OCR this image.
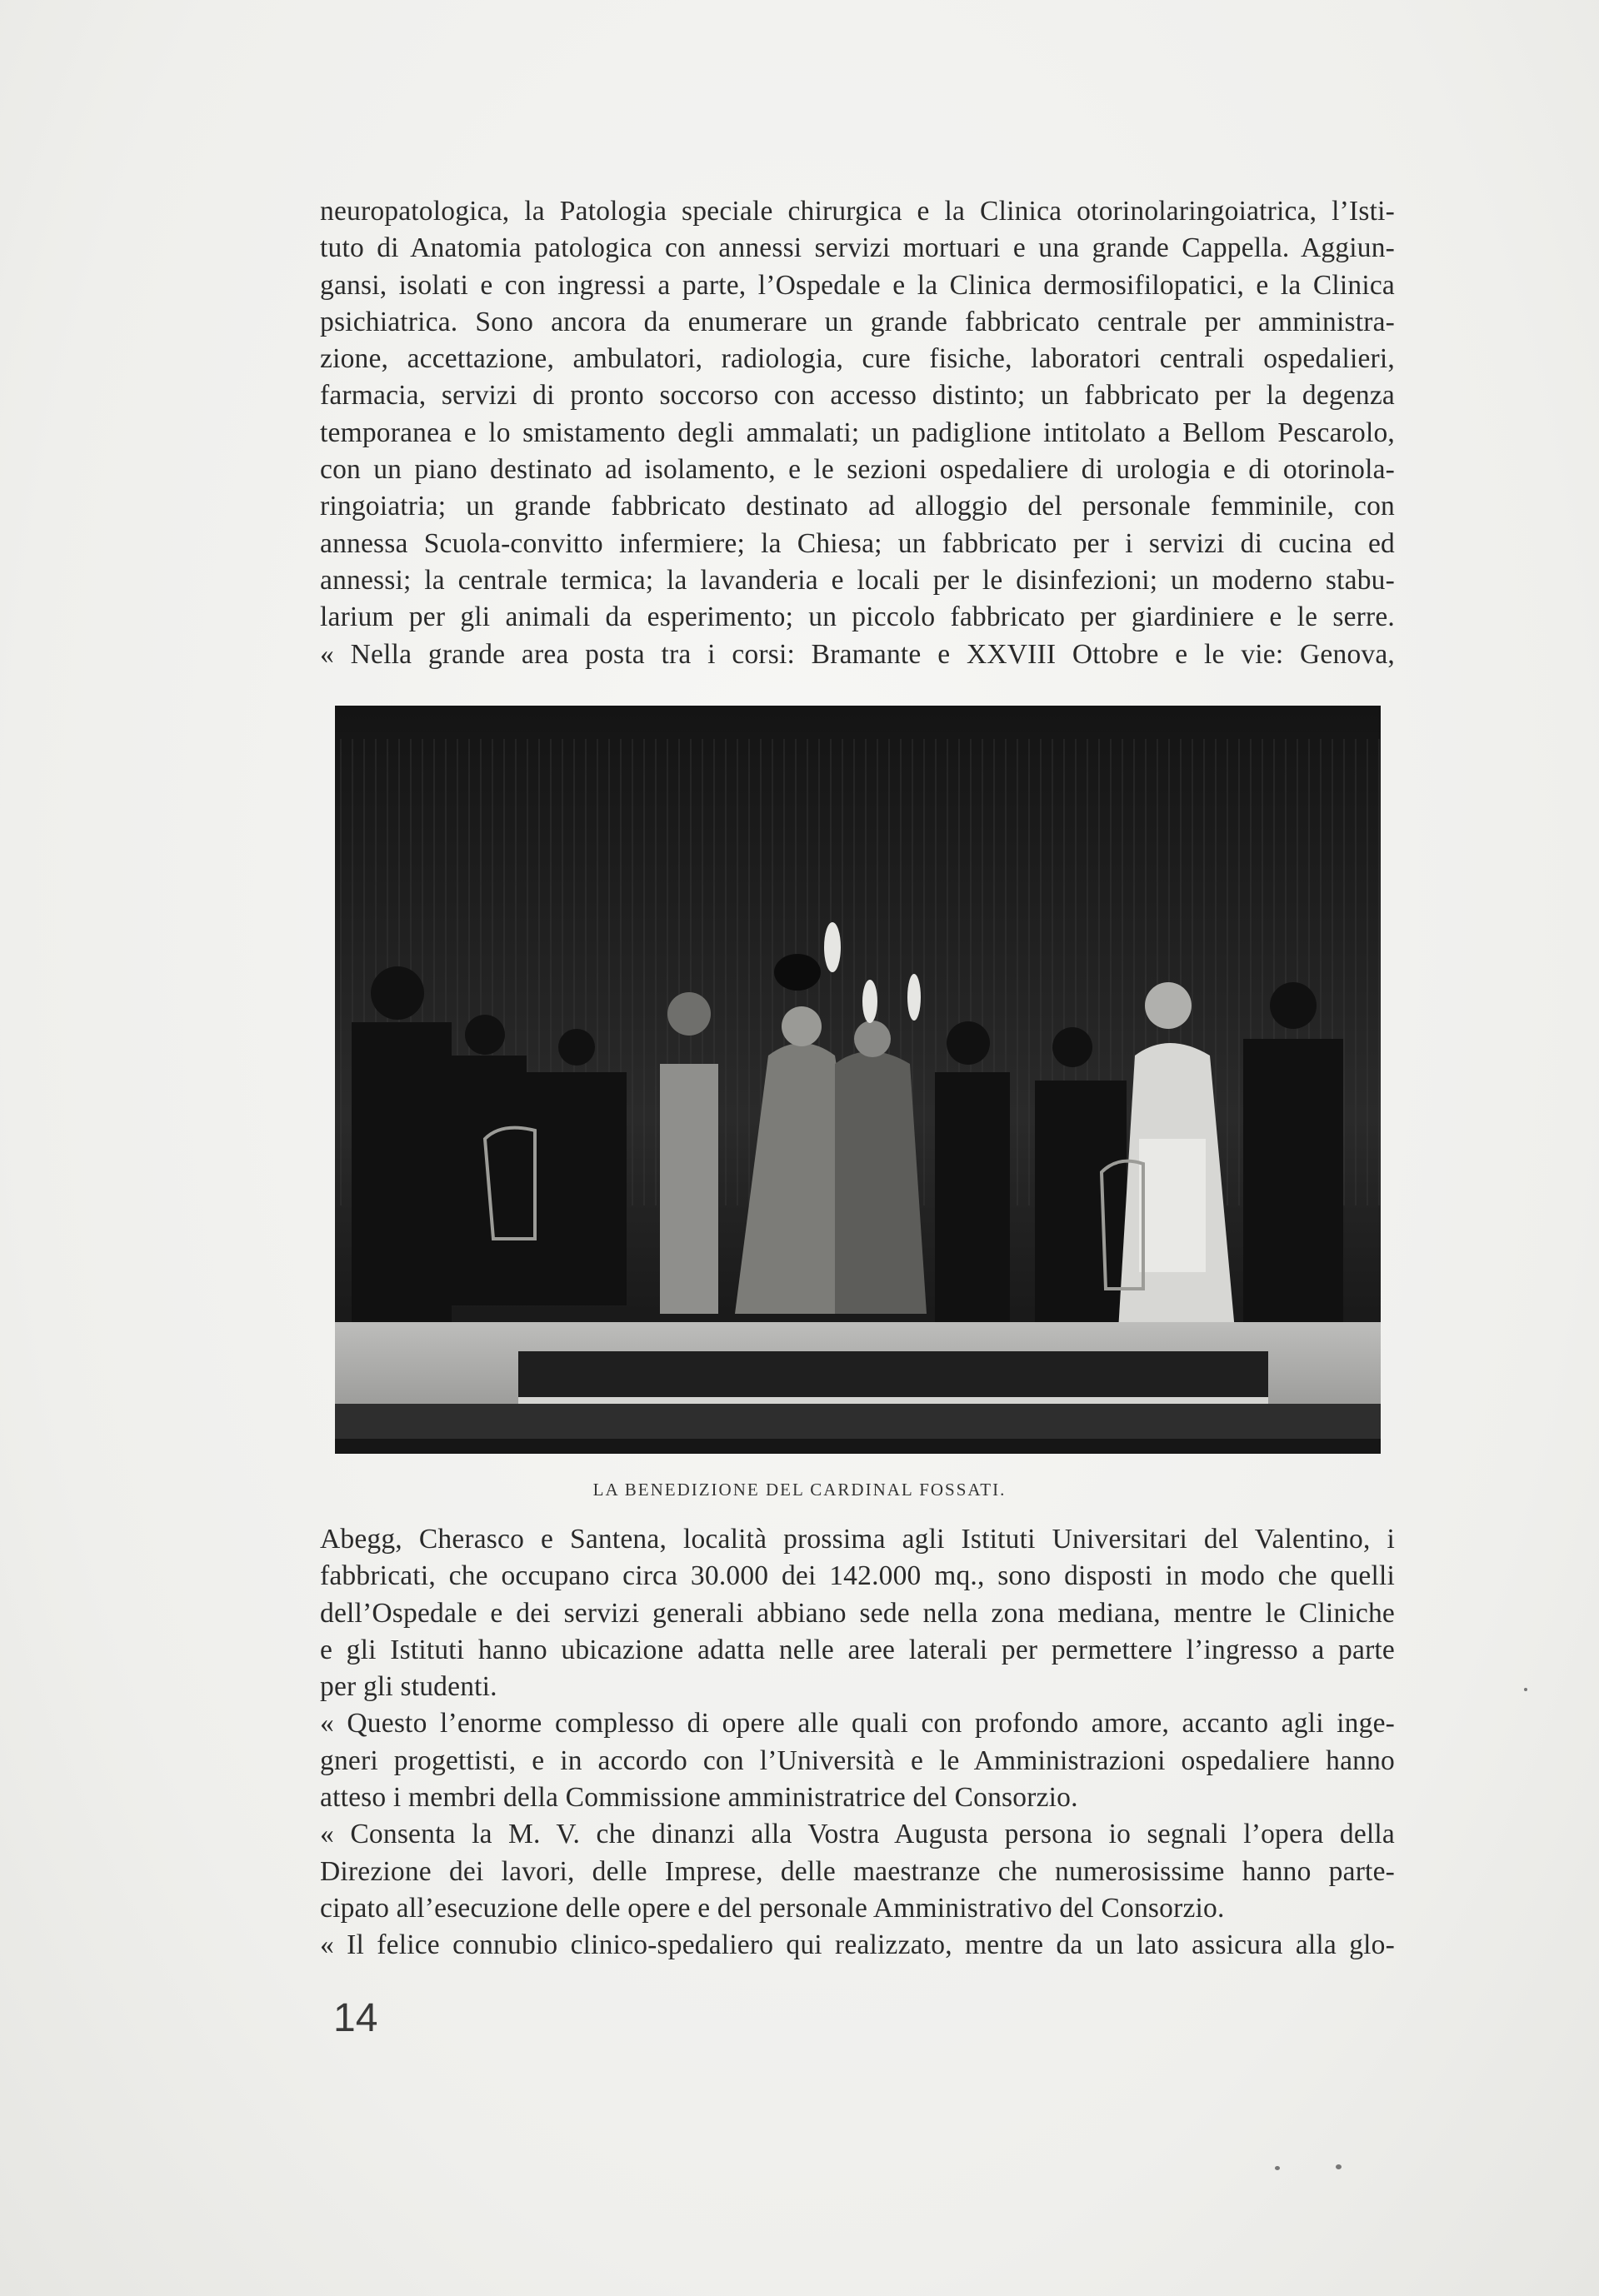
neuropatologica, la Patologia speciale chirurgica e la Clinica otorinolaringoiatrica, l’Isti-
tuto di Anatomia patologica con annessi servizi mortuari e una grande Cappella. Aggiun-
gansi, isolati e con ingressi a parte, l’Ospedale e la Clinica dermosifilopatici, e la Clinica
psichiatrica. Sono ancora da enumerare un grande fabbricato centrale per amministra-
zione, accettazione, ambulatori, radiologia, cure fisiche, laboratori centrali ospedalieri,
farmacia, servizi di pronto soccorso con accesso distinto; un fabbricato per la degenza
temporanea e lo smistamento degli ammalati; un padiglione intitolato a Bellom Pescarolo,
con un piano destinato ad isolamento, e le sezioni ospedaliere di urologia e di otorinola-
ringoiatria; un grande fabbricato destinato ad alloggio del personale femminile, con
annessa Scuola-convitto infermiere; la Chiesa; un fabbricato per i servizi di cucina ed
annessi; la centrale termica; la lavanderia e locali per le disinfezioni; un moderno stabu-
larium per gli animali da esperimento; un piccolo fabbricato per giardiniere e le serre.
« Nella grande area posta tra i corsi: Bramante e XXVIII Ottobre e le vie: Genova,
LA BENEDIZIONE DEL CARDINAL FOSSATI.
Abegg, Cherasco e Santena, località prossima agli Istituti Universitari del Valentino, i
fabbricati, che occupano circa 30.000 dei 142.000 mq., sono disposti in modo che quelli
dell’Ospedale e dei servizi generali abbiano sede nella zona mediana, mentre le Cliniche
e gli Istituti hanno ubicazione adatta nelle aree laterali per permettere l’ingresso a parte
per gli studenti.
« Questo l’enorme complesso di opere alle quali con profondo amore, accanto agli inge-
gneri progettisti, e in accordo con l’Università e le Amministrazioni ospedaliere hanno
atteso i membri della Commissione amministratrice del Consorzio.
« Consenta la M. V. che dinanzi alla Vostra Augusta persona io segnali l’opera della
Direzione dei lavori, delle Imprese, delle maestranze che numerosissime hanno parte-
cipato all’esecuzione delle opere e del personale Amministrativo del Consorzio.
« Il felice connubio clinico-spedaliero qui realizzato, mentre da un lato assicura alla glo-
14
